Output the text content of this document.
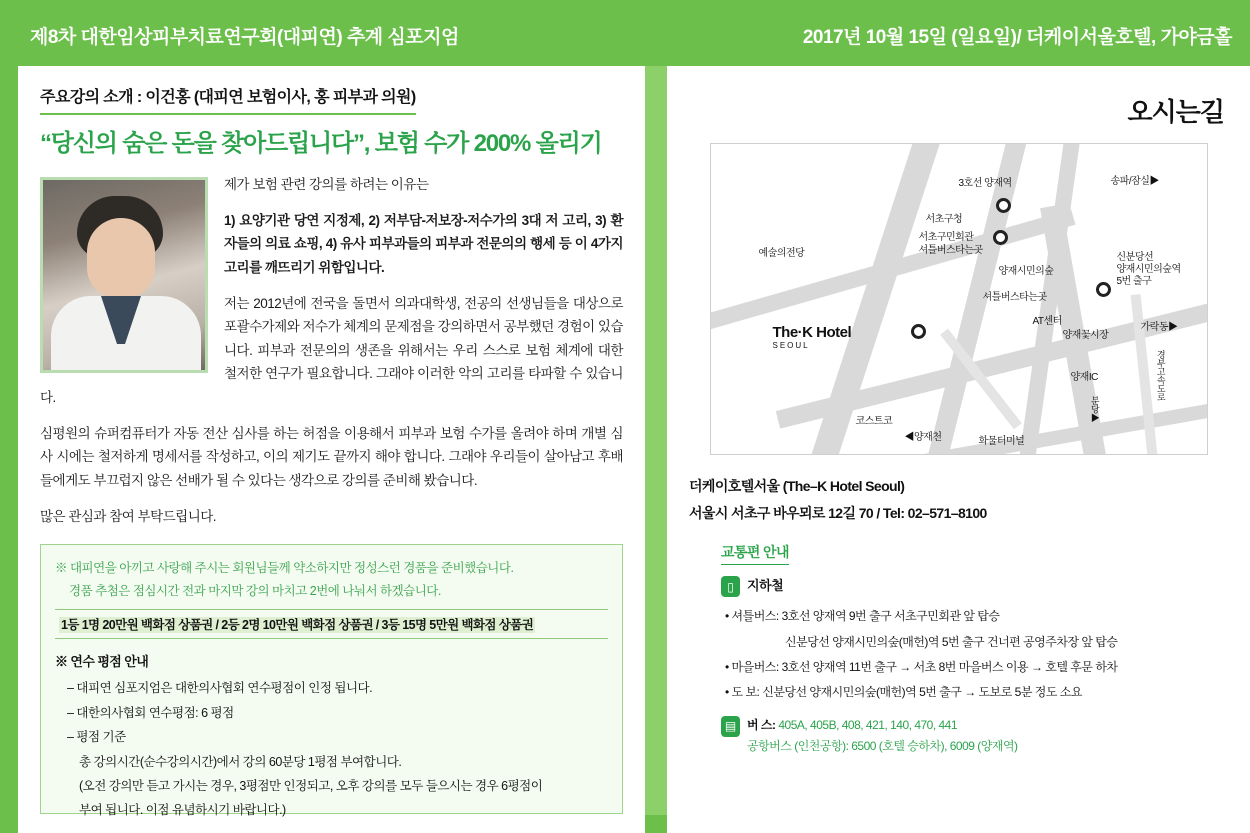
제8차 대한임상피부치료연구회(대피연) 추계 심포지엄	2017년 10월 15일 (일요일)/ 더케이서울호텔, 가야금홀
주요강의 소개 : 이건홍 (대피연 보험이사, 홍 피부과 의원)
“당신의 숨은 돈을 찾아드립니다”, 보험 수가 200% 올리기

제가 보험 관련 강의를 하려는 이유는

1) 요양기관 당연 지정제, 2) 저부담-저보장-저수가의 3대 저 고리, 3) 환자들의 의료 쇼핑, 4) 유사 피부과들의 피부과 전문의의 행세 등 이 4가지 고리를 깨뜨리기 위함입니다.

저는 2012년에 전국을 돌면서 의과대학생, 전공의 선생님들을 대상으로 포괄수가제와 저수가 체계의 문제점을 강의하면서 공부했던 경험이 있습니다. 피부과 전문의의 생존을 위해서는 우리 스스로 보험 체계에 대한 철저한 연구가 필요합니다. 그래야 이러한 악의 고리를 타파할 수 있습니다.

심평원의 슈퍼컴퓨터가 자동 전산 심사를 하는 허점을 이용해서 피부과 보험 수가를 올려야 하며 개별 심사 시에는 철저하게 명세서를 작성하고, 이의 제기도 끝까지 해야 합니다. 그래야 우리들이 살아남고 후배들에게도 부끄럽지 않은 선배가 될 수 있다는 생각으로 강의를 준비해 봤습니다.

많은 관심과 참여 부탁드립니다.

※ 대피연을 아끼고 사랑해 주시는 회원님들께 약소하지만 정성스런 경품을 준비했습니다.
경품 추첨은 점심시간 전과 마지막 강의 마치고 2번에 나눠서 하겠습니다.
1등 1명 20만원 백화점 상품권 / 2등 2명 10만원 백화점 상품권 / 3등 15명 5만원 백화점 상품권
※ 연수 평점 안내
– 대피연 심포지엄은 대한의사협회 연수평점이 인정 됩니다.
– 대한의사협회 연수평점: 6 평점
– 평점 기준
총 강의시간(순수강의시간)에서 강의 60분당 1평점 부여합니다.
(오전 강의만 듣고 가시는 경우, 3평점만 인정되고, 오후 강의를 모두 들으시는 경우 6평점이
부여 됩니다. 이점 유념하시기 바랍니다.)
오시는길
The·K Hotel
SEOUL
3호선 양재역	송파/잠실▶
서초구청
서초구민회관
셔틀버스타는곳
예술의전당
양재시민의숲
셔틀버스타는곳
신분당선
양재시민의숲역
5번 출구
AT센터
양재꽃시장
가락동▶
양재IC
코스트코
◀양재천	화물터미널
경부고속도로
분당▶
더케이호텔서울 (The–K Hotel Seoul)
서울시 서초구 바우뫼로 12길 70 / Tel: 02–571–8100
교통편 안내
▯	지하철
• 셔틀버스: 3호선 양재역 9번 출구 서초구민회관 앞 탑승
신분당선 양재시민의숲(매헌)역 5번 출구 건너편 공영주차장 앞 탑승
• 마을버스: 3호선 양재역 11번 출구 → 서초 8번 마을버스 이용 → 호텔 후문 하차
• 도 보: 신분당선 양재시민의숲(매헌)역 5번 출구 → 도보로 5분 정도 소요
▤ 버 스: 405A, 405B, 408, 421, 140, 470, 441
공항버스 (인천공항): 6500 (호텔 승하차), 6009 (양재역)
